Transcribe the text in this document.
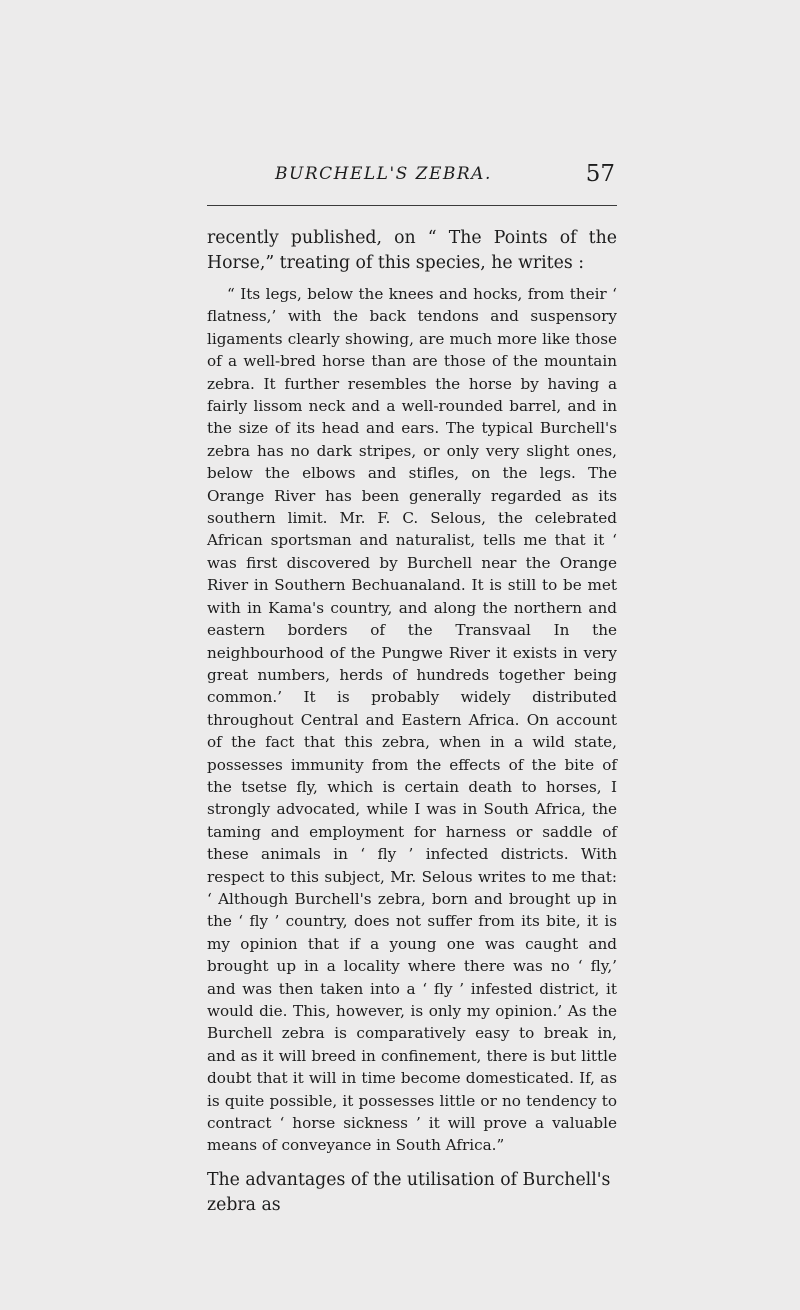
BURCHELL'S ZEBRA.	57

recently published, on “ The Points of the Horse,” treating of this species, he writes :

“ Its legs, below the knees and hocks, from their ‘ flatness,’ with the back tendons and suspensory ligaments clearly showing, are much more like those of a well-bred horse than are those of the mountain zebra. It further resembles the horse by having a fairly lissom neck and a well-rounded barrel, and in the size of its head and ears. The typical Burchell's zebra has no dark stripes, or only very slight ones, below the elbows and stifles, on the legs. The Orange River has been generally regarded as its southern limit. Mr. F. C. Selous, the celebrated African sportsman and naturalist, tells me that it ‘ was first discovered by Burchell near the Orange River in Southern Bechuanaland. It is still to be met with in Kama's country, and along the northern and eastern borders of the Transvaal In the neighbourhood of the Pungwe River it exists in very great numbers, herds of hundreds together being common.’ It is probably widely distributed throughout Central and Eastern Africa. On account of the fact that this zebra, when in a wild state, possesses immunity from the effects of the bite of the tsetse fly, which is certain death to horses, I strongly advocated, while I was in South Africa, the taming and employment for harness or saddle of these animals in ‘ fly ’ infected districts. With respect to this subject, Mr. Selous writes to me that: ‘ Although Burchell's zebra, born and brought up in the ‘ fly ’ country, does not suffer from its bite, it is my opinion that if a young one was caught and brought up in a locality where there was no ‘ fly,’ and was then taken into a ‘ fly ’ infested district, it would die. This, however, is only my opinion.’ As the Burchell zebra is comparatively easy to break in, and as it will breed in confinement, there is but little doubt that it will in time become domesticated. If, as is quite possible, it possesses little or no tendency to contract ‘ horse sickness ’ it will prove a valuable means of conveyance in South Africa.”

The advantages of the utilisation of Burchell's zebra as
